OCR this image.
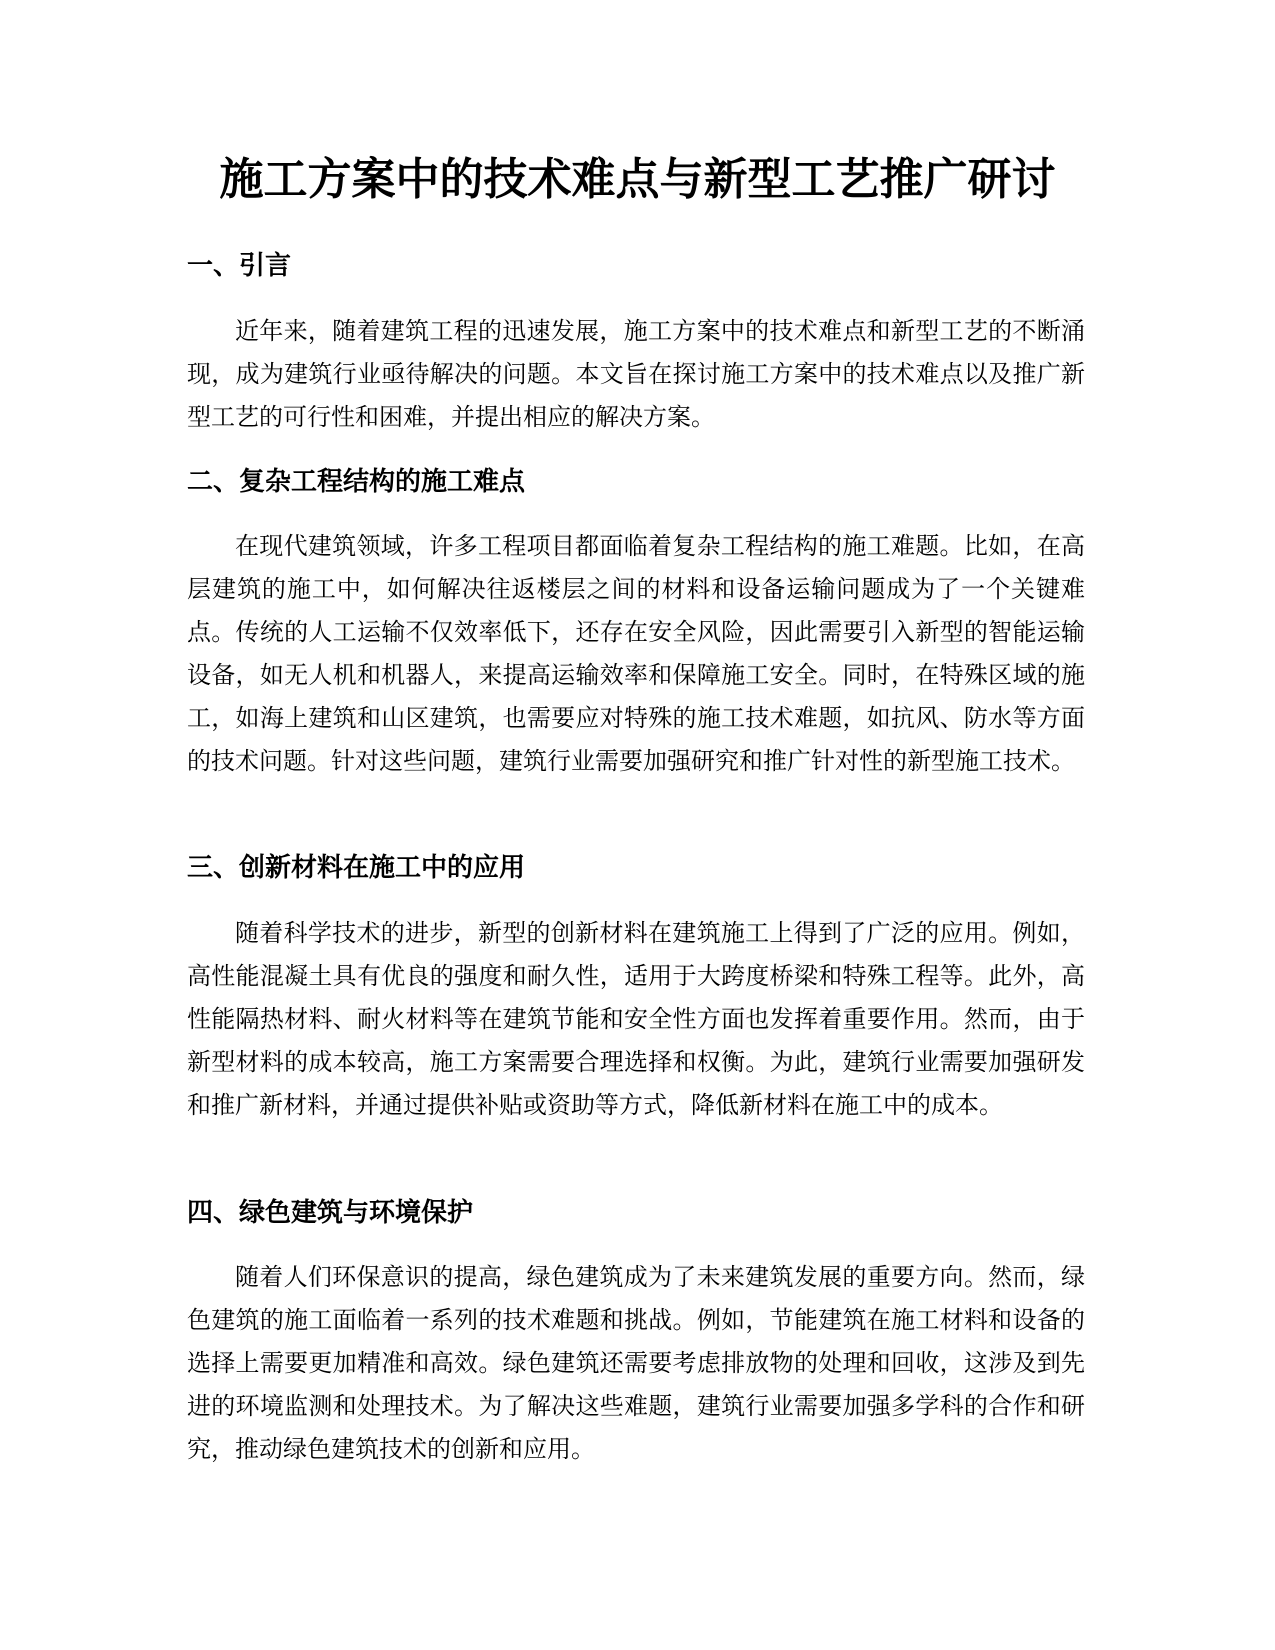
施工方案中的技术难点与新型工艺推广研讨
一、引言

近年来，随着建筑工程的迅速发展，施工方案中的技术难点和新型工艺的不断涌现，成为建筑行业亟待解决的问题。本文旨在探讨施工方案中的技术难点以及推广新型工艺的可行性和困难，并提出相应的解决方案。

二、复杂工程结构的施工难点

在现代建筑领域，许多工程项目都面临着复杂工程结构的施工难题。比如，在高层建筑的施工中，如何解决往返楼层之间的材料和设备运输问题成为了一个关键难点。传统的人工运输不仅效率低下，还存在安全风险，因此需要引入新型的智能运输设备，如无人机和机器人，来提高运输效率和保障施工安全。同时，在特殊区域的施工，如海上建筑和山区建筑，也需要应对特殊的施工技术难题，如抗风、防水等方面的技术问题。针对这些问题，建筑行业需要加强研究和推广针对性的新型施工技术。

三、创新材料在施工中的应用

随着科学技术的进步，新型的创新材料在建筑施工上得到了广泛的应用。例如，高性能混凝土具有优良的强度和耐久性，适用于大跨度桥梁和特殊工程等。此外，高性能隔热材料、耐火材料等在建筑节能和安全性方面也发挥着重要作用。然而，由于新型材料的成本较高，施工方案需要合理选择和权衡。为此，建筑行业需要加强研发和推广新材料，并通过提供补贴或资助等方式，降低新材料在施工中的成本。

四、绿色建筑与环境保护

随着人们环保意识的提高，绿色建筑成为了未来建筑发展的重要方向。然而，绿色建筑的施工面临着一系列的技术难题和挑战。例如，节能建筑在施工材料和设备的选择上需要更加精准和高效。绿色建筑还需要考虑排放物的处理和回收，这涉及到先进的环境监测和处理技术。为了解决这些难题，建筑行业需要加强多学科的合作和研究，推动绿色建筑技术的创新和应用。
